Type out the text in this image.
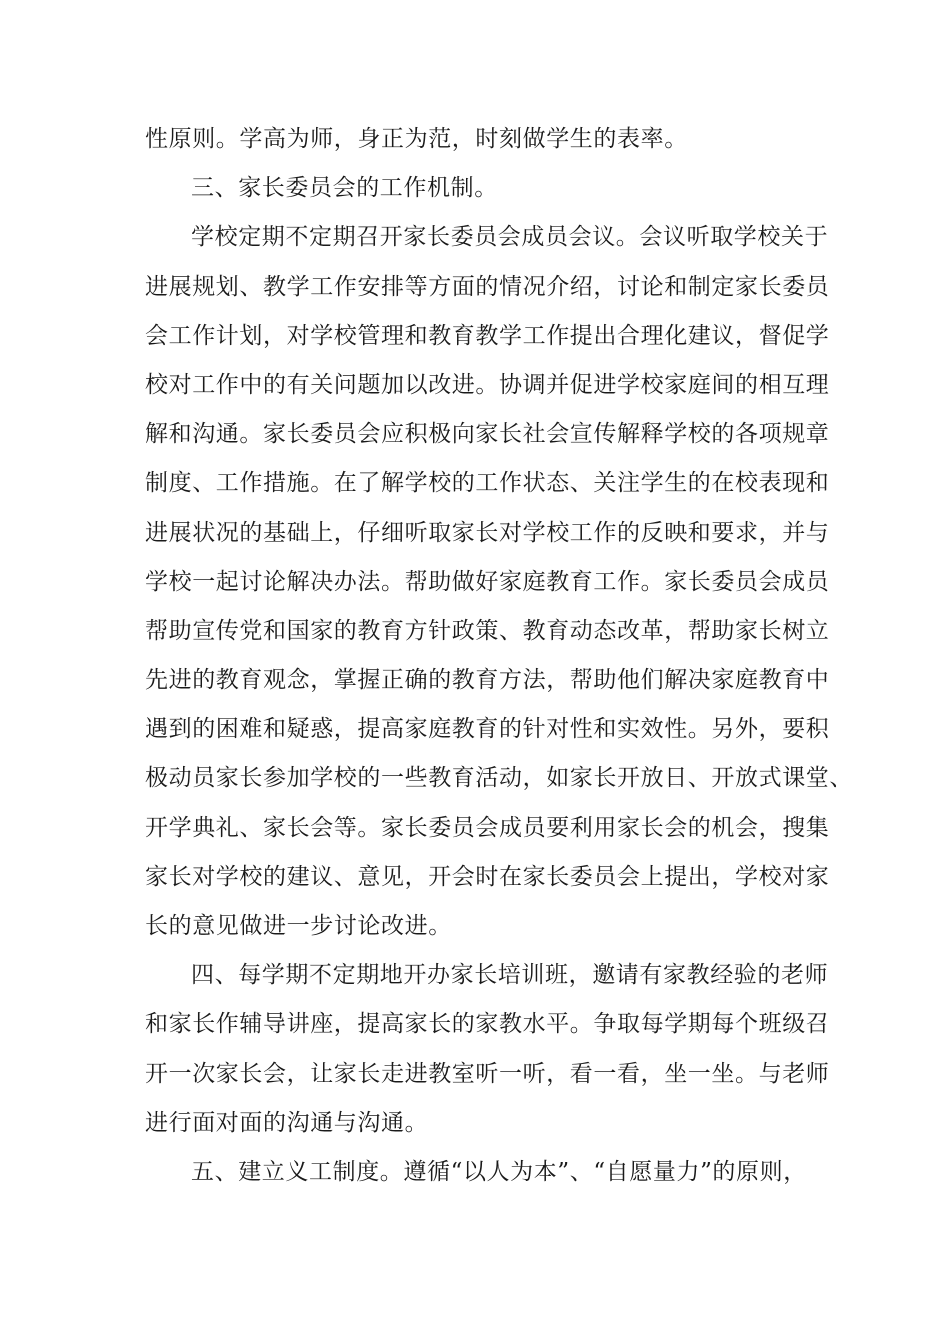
性原则。学高为师，身正为范，时刻做学生的表率。
三、家长委员会的工作机制。
学校定期不定期召开家长委员会成员会议。会议听取学校关于
进展规划、教学工作安排等方面的情况介绍，讨论和制定家长委员
会工作计划，对学校管理和教育教学工作提出合理化建议，督促学
校对工作中的有关问题加以改进。协调并促进学校家庭间的相互理
解和沟通。家长委员会应积极向家长社会宣传解释学校的各项规章
制度、工作措施。在了解学校的工作状态、关注学生的在校表现和
进展状况的基础上，仔细听取家长对学校工作的反映和要求，并与
学校一起讨论解决办法。帮助做好家庭教育工作。家长委员会成员
帮助宣传党和国家的教育方针政策、教育动态改革，帮助家长树立
先进的教育观念，掌握正确的教育方法，帮助他们解决家庭教育中
遇到的困难和疑惑，提高家庭教育的针对性和实效性。另外，要积
极动员家长参加学校的一些教育活动，如家长开放日、开放式课堂、
开学典礼、家长会等。家长委员会成员要利用家长会的机会，搜集
家长对学校的建议、意见，开会时在家长委员会上提出，学校对家
长的意见做进一步讨论改进。
四、每学期不定期地开办家长培训班，邀请有家教经验的老师
和家长作辅导讲座，提高家长的家教水平。争取每学期每个班级召
开一次家长会，让家长走进教室听一听，看一看，坐一坐。与老师
进行面对面的沟通与沟通。
五、建立义工制度。遵循“以人为本”、“自愿量力”的原则，
